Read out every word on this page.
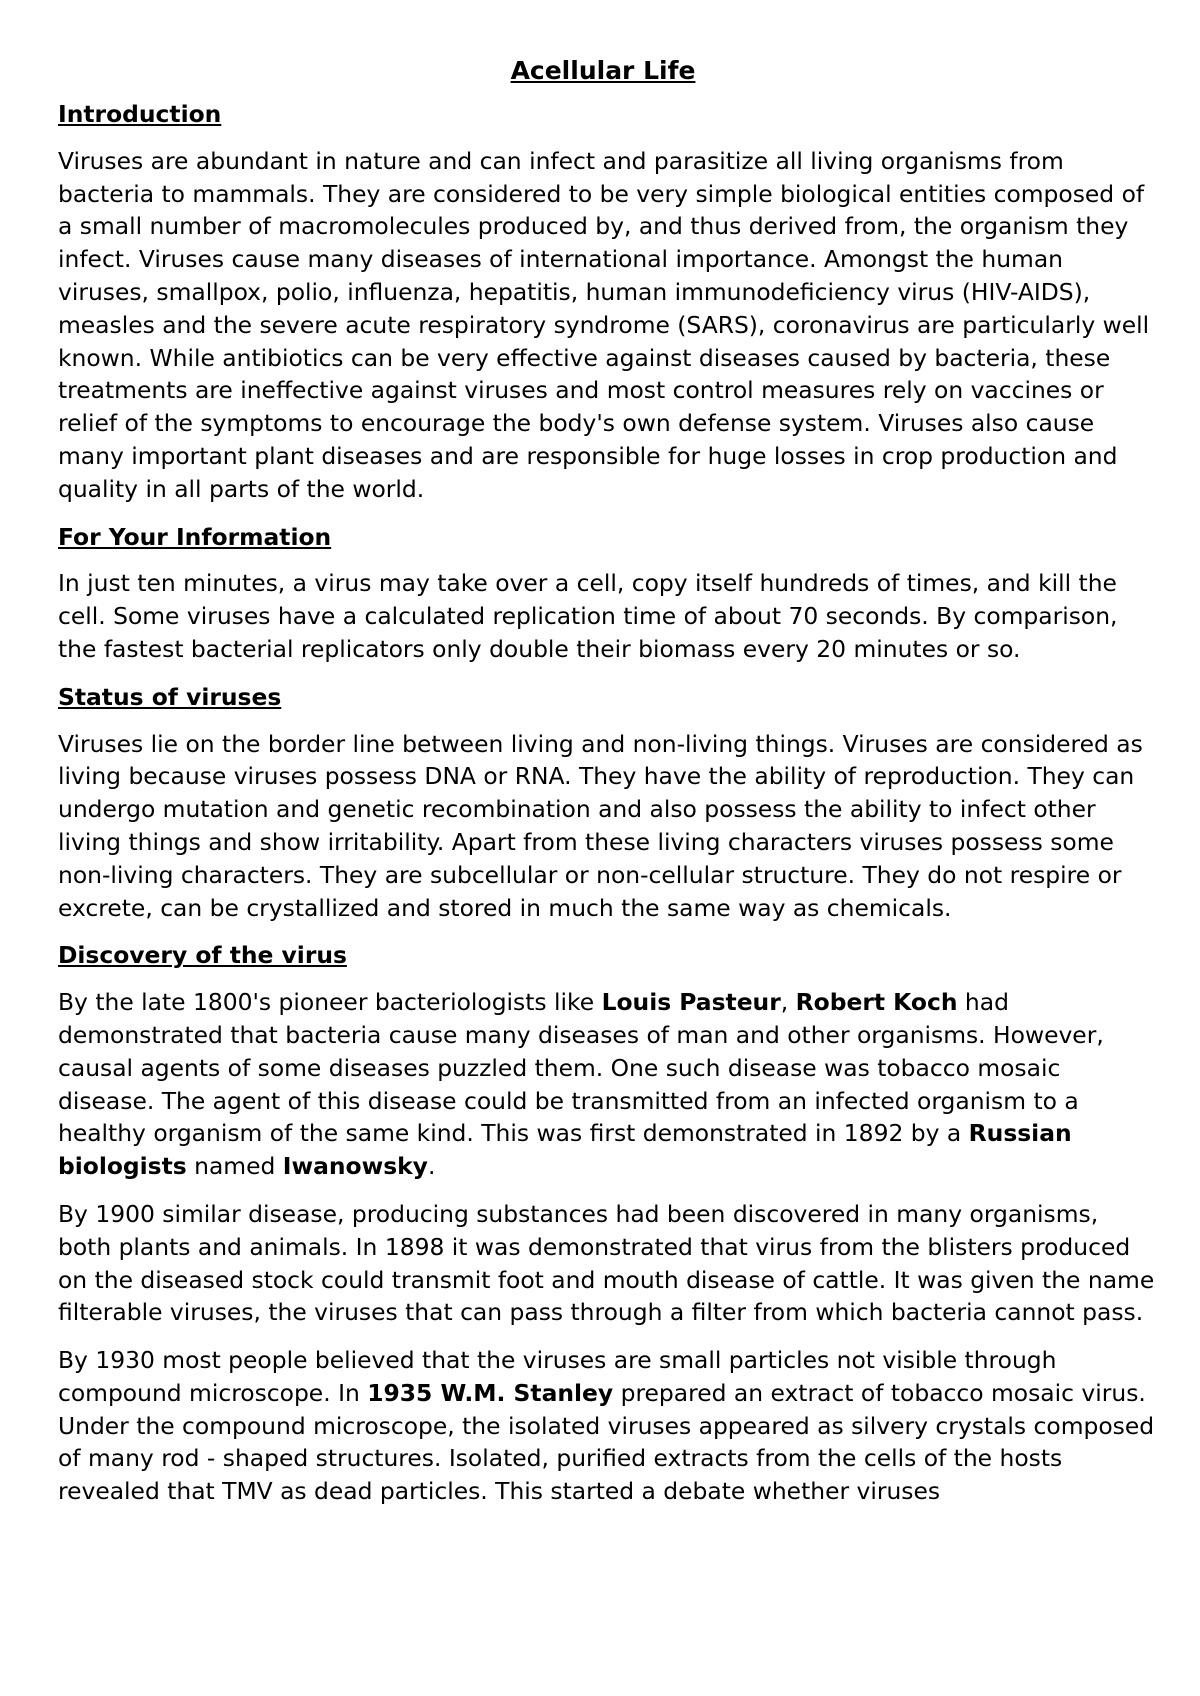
Acellular Life

Introduction

Viruses are abundant in nature and can infect and parasitize all living organisms from bacteria to mammals. They are considered to be very simple biological entities composed of a small number of macromolecules produced by, and thus derived from, the organism they infect. Viruses cause many diseases of international importance. Amongst the human viruses, smallpox, polio, influenza, hepatitis, human immunodeficiency virus (HIV-AIDS), measles and the severe acute respiratory syndrome (SARS), coronavirus are particularly well known. While antibiotics can be very effective against diseases caused by bacteria, these treatments are ineffective against viruses and most control measures rely on vaccines or relief of the symptoms to encourage the body's own defense system. Viruses also cause many important plant diseases and are responsible for huge losses in crop production and quality in all parts of the world.

For Your Information

In just ten minutes, a virus may take over a cell, copy itself hundreds of times, and kill the cell. Some viruses have a calculated replication time of about 70 seconds. By comparison, the fastest bacterial replicators only double their biomass every 20 minutes or so.

Status of viruses

Viruses lie on the border line between living and non-living things. Viruses are considered as living because viruses possess DNA or RNA. They have the ability of reproduction. They can undergo mutation and genetic recombination and also possess the ability to infect other living things and show irritability. Apart from these living characters viruses possess some non-living characters. They are subcellular or non-cellular structure. They do not respire or excrete, can be crystallized and stored in much the same way as chemicals.

Discovery of the virus

By the late 1800's pioneer bacteriologists like Louis Pasteur, Robert Koch had demonstrated that bacteria cause many diseases of man and other organisms. However, causal agents of some diseases puzzled them. One such disease was tobacco mosaic disease. The agent of this disease could be transmitted from an infected organism to a healthy organism of the same kind. This was first demonstrated in 1892 by a Russian biologists named Iwanowsky.

By 1900 similar disease, producing substances had been discovered in many organisms, both plants and animals. In 1898 it was demonstrated that virus from the blisters produced on the diseased stock could transmit foot and mouth disease of cattle. It was given the name filterable viruses, the viruses that can pass through a filter from which bacteria cannot pass.

By 1930 most people believed that the viruses are small particles not visible through compound microscope. In 1935 W.M. Stanley prepared an extract of tobacco mosaic virus. Under the compound microscope, the isolated viruses appeared as silvery crystals composed of many rod - shaped structures. Isolated, purified extracts from the cells of the hosts revealed that TMV as dead particles. This started a debate whether viruses
